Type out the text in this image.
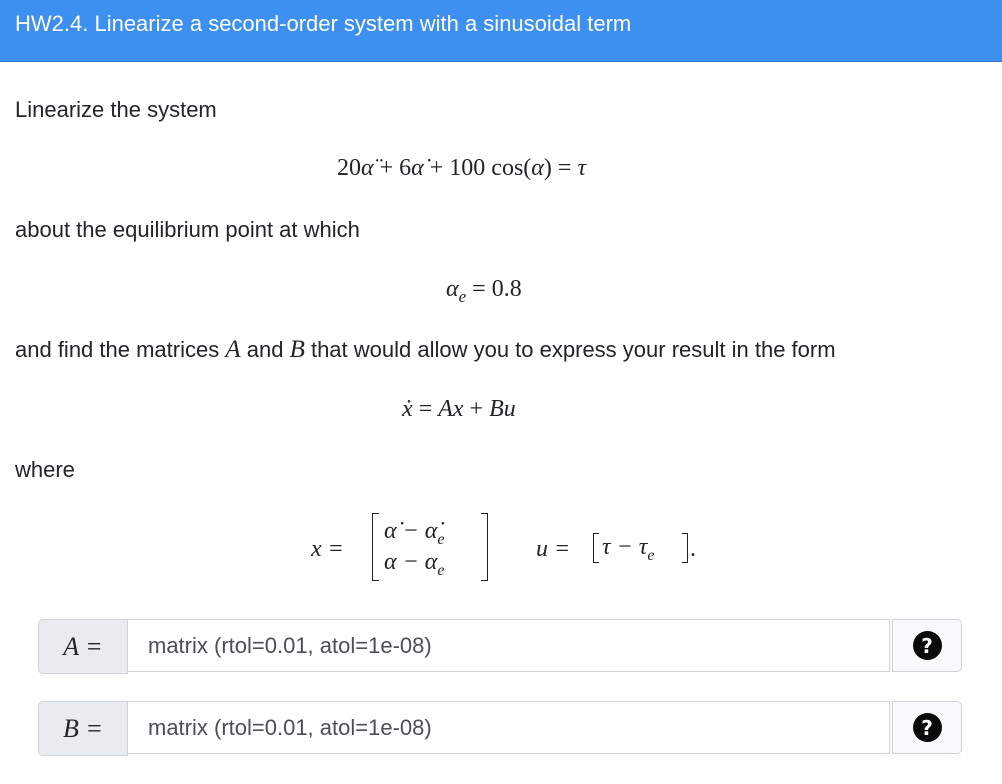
HW2.4. Linearize a second-order system with a sinusoidal term
Linearize the system
20α̈ + 6α̇ + 100 cos(α) = τ
about the equilibrium point at which
$\alpha_e = 0.8$
and find the matrices A and B that would allow you to express your result in the form
ẋ = Ax + Bu
where
x =
α̇ − $\alphȧ_e$
$\alpha - \alpha_e$
$u = \tau - \tau_e$ .
A =
matrix (rtol=0.01, atol=1e-08)	?
B =
matrix (rtol=0.01, atol=1e-08)	?
